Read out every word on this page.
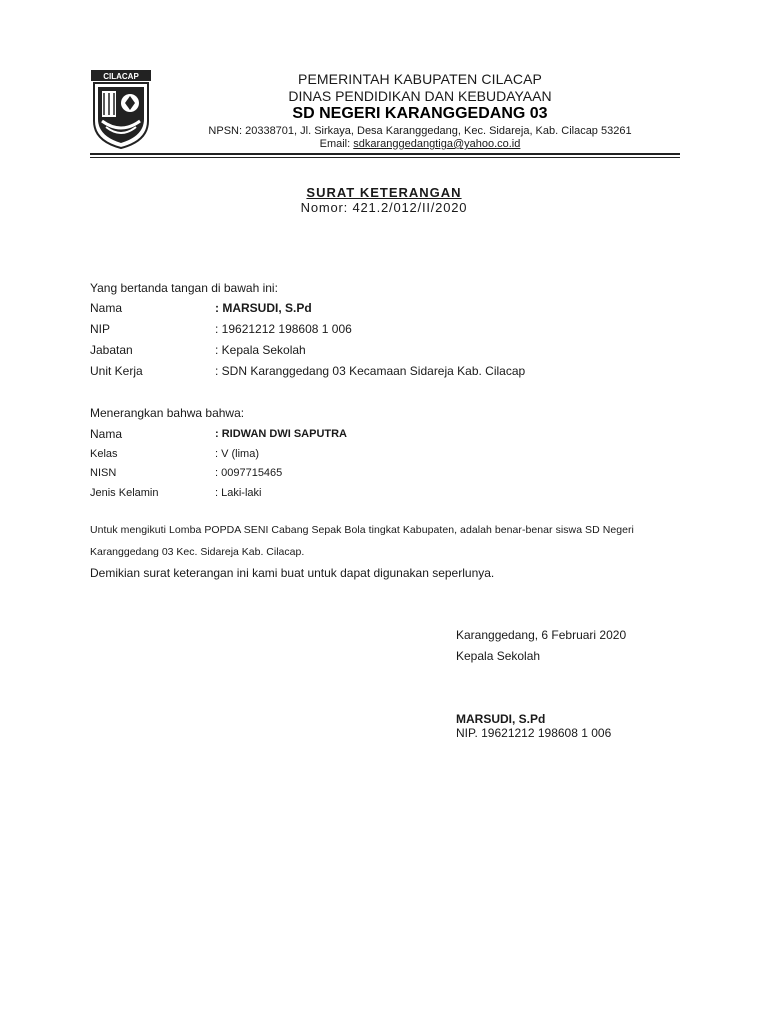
CILACAP	PEMERINTAH KABUPATEN CILACAP
DINAS PENDIDIKAN DAN KEBUDAYAAN
SD NEGERI KARANGGEDANG 03
NPSN: 20338701, Jl. Sirkaya, Desa Karanggedang, Kec. Sidareja, Kab. Cilacap 53261
Email: sdkaranggedangtiga@yahoo.co.id
SURAT KETERANGAN
Nomor: 421.2/012/II/2020
Yang bertanda tangan di bawah ini:
Nama	: MARSUDI, S.Pd
NIP	: 19621212 198608 1 006
Jabatan	: Kepala Sekolah
Unit Kerja	: SDN Karanggedang 03 Kecamaan Sidareja Kab. Cilacap
Menerangkan bahwa bahwa:
Nama	: RIDWAN DWI SAPUTRA
Kelas	: V (lima)
NISN	: 0097715465
Jenis Kelamin	: Laki-laki
Untuk mengikuti Lomba POPDA SENI Cabang Sepak Bola tingkat Kabupaten, adalah benar-benar siswa SD Negeri
Karanggedang 03 Kec. Sidareja Kab. Cilacap.
Demikian surat keterangan ini kami buat untuk dapat digunakan seperlunya.
Karanggedang, 6 Februari 2020
Kepala Sekolah
MARSUDI, S.Pd
NIP. 19621212 198608 1 006
